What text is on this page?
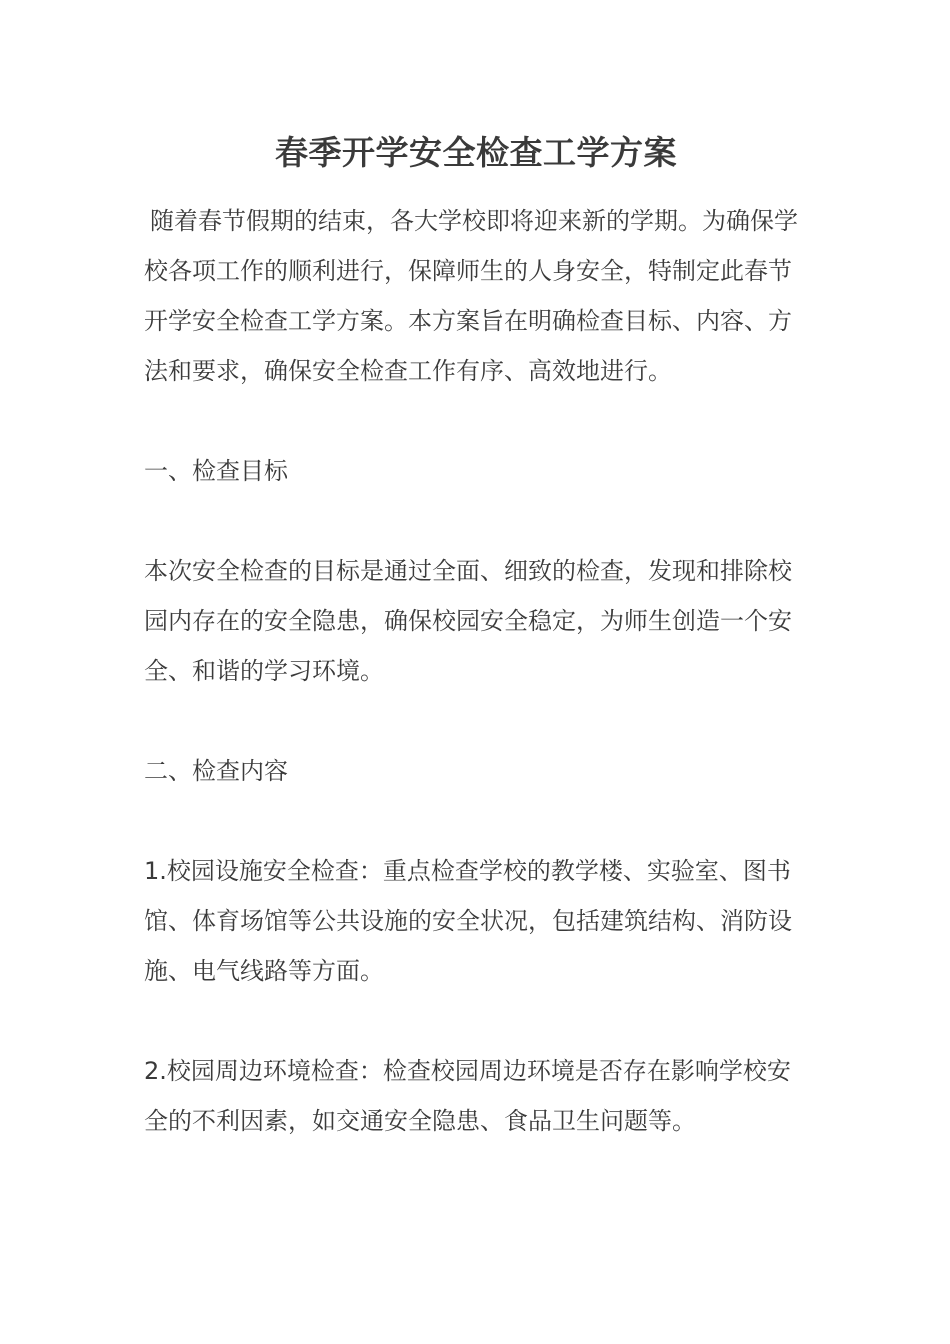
春季开学安全检查工学方案

随着春节假期的结束，各大学校即将迎来新的学期。为确保学校各项工作的顺利进行，保障师生的人身安全，特制定此春节开学安全检查工学方案。本方案旨在明确检查目标、内容、方法和要求，确保安全检查工作有序、高效地进行。

一、检查目标

本次安全检查的目标是通过全面、细致的检查，发现和排除校园内存在的安全隐患，确保校园安全稳定，为师生创造一个安全、和谐的学习环境。

二、检查内容

1.校园设施安全检查：重点检查学校的教学楼、实验室、图书馆、体育场馆等公共设施的安全状况，包括建筑结构、消防设施、电气线路等方面。

2.校园周边环境检查：检查校园周边环境是否存在影响学校安全的不利因素，如交通安全隐患、食品卫生问题等。
